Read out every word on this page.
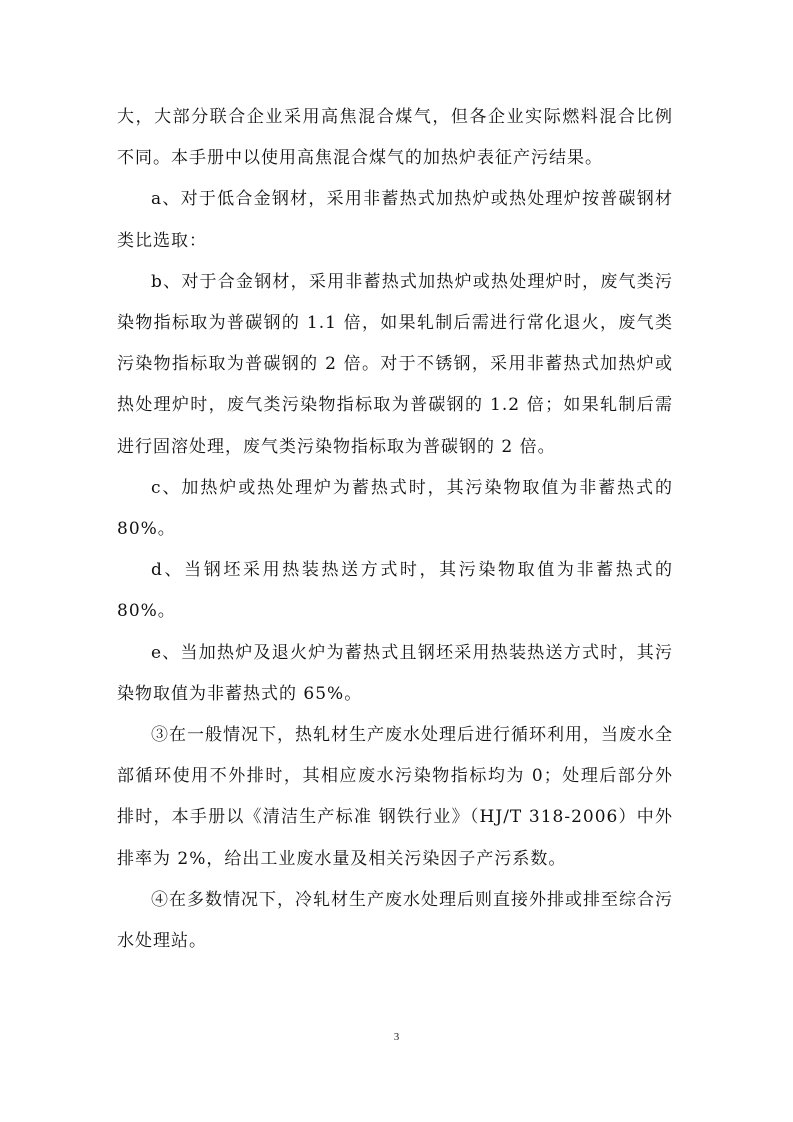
大，大部分联合企业采用高焦混合煤气，但各企业实际燃料混合比例不同。本手册中以使用高焦混合煤气的加热炉表征产污结果。

a、对于低合金钢材，采用非蓄热式加热炉或热处理炉按普碳钢材类比选取：

b、对于合金钢材，采用非蓄热式加热炉或热处理炉时，废气类污染物指标取为普碳钢的 1.1 倍，如果轧制后需进行常化退火，废气类污染物指标取为普碳钢的 2 倍。对于不锈钢，采用非蓄热式加热炉或热处理炉时，废气类污染物指标取为普碳钢的 1.2 倍；如果轧制后需进行固溶处理，废气类污染物指标取为普碳钢的 2 倍。

c、加热炉或热处理炉为蓄热式时，其污染物取值为非蓄热式的 80%。

d、当钢坯采用热装热送方式时，其污染物取值为非蓄热式的 80%。

e、当加热炉及退火炉为蓄热式且钢坯采用热装热送方式时，其污染物取值为非蓄热式的 65%。

③在一般情况下，热轧材生产废水处理后进行循环利用，当废水全部循环使用不外排时，其相应废水污染物指标均为 0；处理后部分外排时，本手册以《清洁生产标准 钢铁行业》（HJ/T 318-2006）中外排率为 2%，给出工业废水量及相关污染因子产污系数。

④在多数情况下，冷轧材生产废水处理后则直接外排或排至综合污水处理站。

3
